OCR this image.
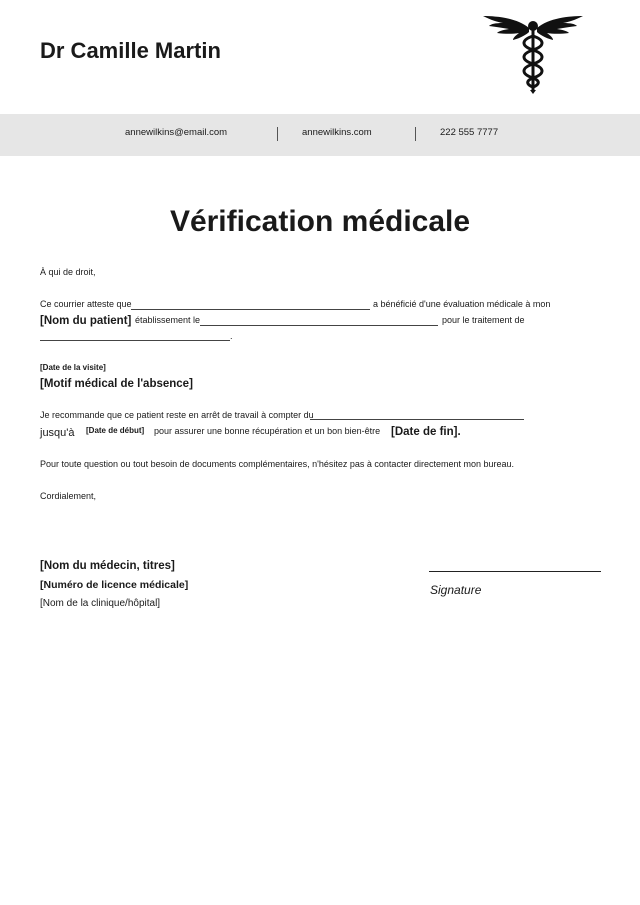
Dr Camille Martin
annewilkins@email.com	annewilkins.com	222 555 7777
Vérification médicale
À qui de droit,
Ce courrier atteste que	a bénéficié d'une évaluation médicale à mon
[Nom du patient] établissement le	pour le traitement de
.
[Date de la visite]
[Motif médical de l'absence]
Je recommande que ce patient reste en arrêt de travail à compter du
jusqu'à [Date de début] pour assurer une bonne récupération et un bon bien-être [Date de fin].
Pour toute question ou tout besoin de documents complémentaires, n'hésitez pas à contacter directement mon bureau.
Cordialement,
[Nom du médecin, titres]
[Numéro de licence médicale]
[Nom de la clinique/hôpital]
Signature
